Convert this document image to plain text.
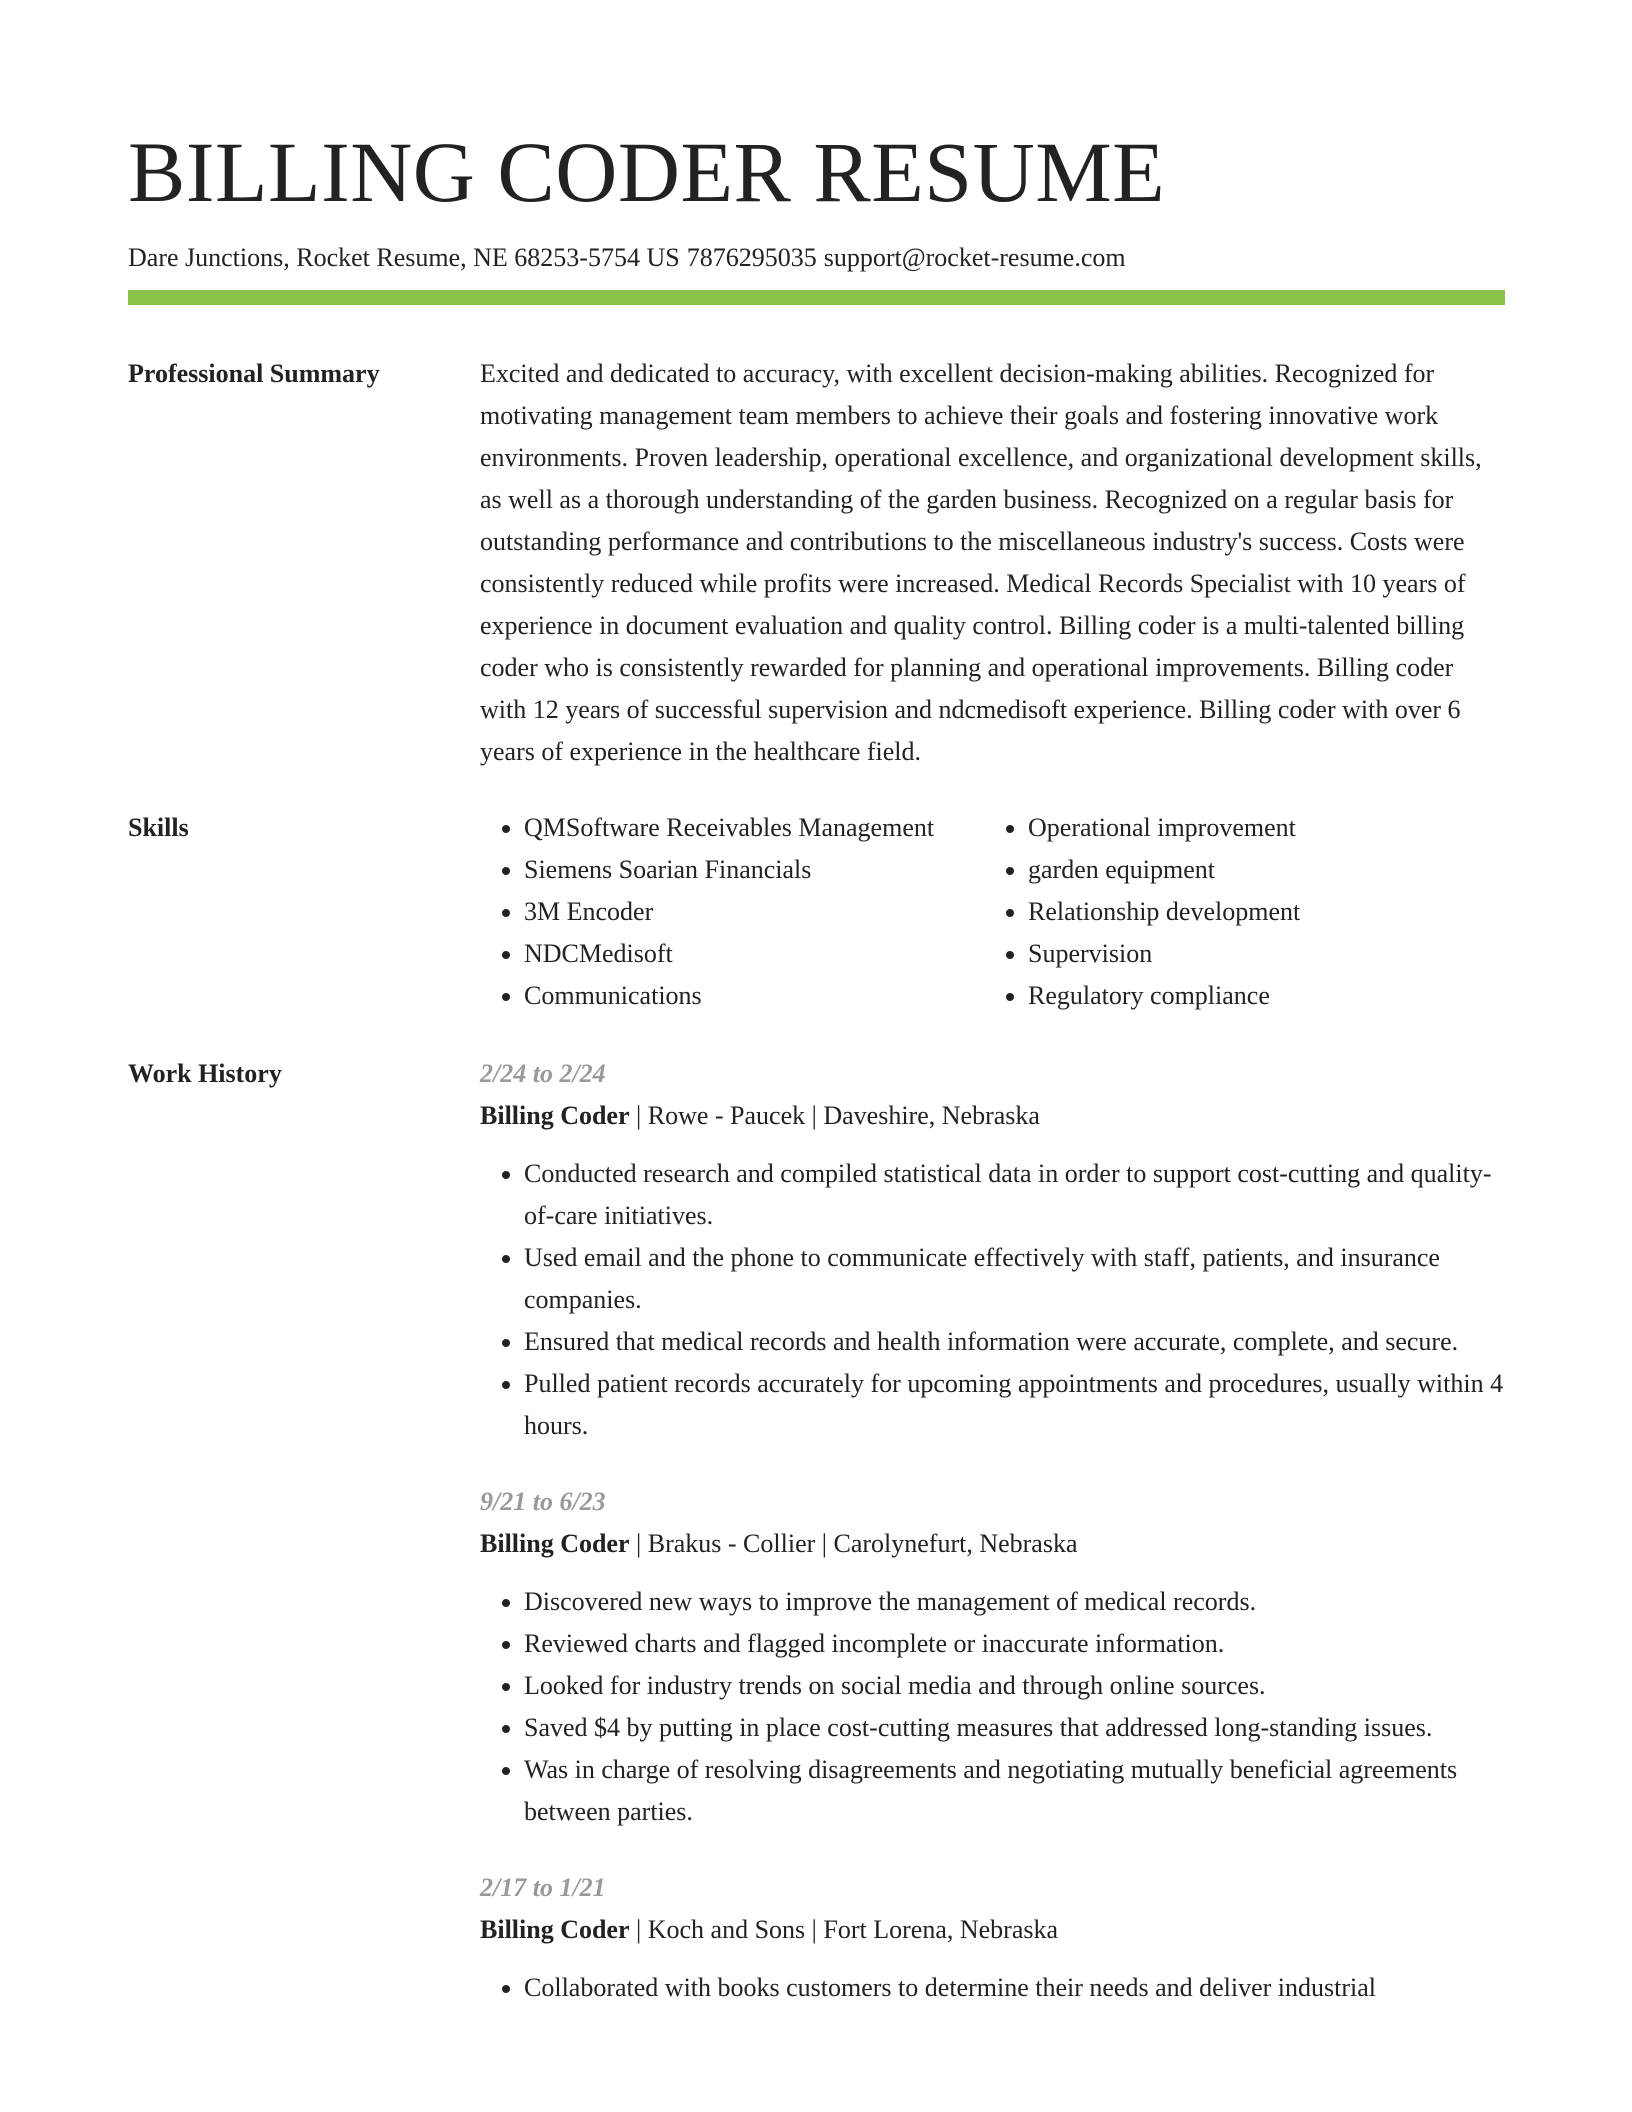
BILLING CODER RESUME
Dare Junctions, Rocket Resume, NE 68253-5754 US 7876295035 support@rocket-resume.com
Professional Summary	Excited and dedicated to accuracy, with excellent decision-making abilities. Recognized for motivating management team members to achieve their goals and fostering innovative work environments. Proven leadership, operational excellence, and organizational development skills, as well as a thorough understanding of the garden business. Recognized on a regular basis for outstanding performance and contributions to the miscellaneous industry's success. Costs were consistently reduced while profits were increased. Medical Records Specialist with 10 years of experience in document evaluation and quality control. Billing coder is a multi-talented billing coder who is consistently rewarded for planning and operational improvements. Billing coder with 12 years of successful supervision and ndcmedisoft experience. Billing coder with over 6 years of experience in the healthcare field.

Skills
•	QMSoftware Receivables Management
• Siemens Soarian Financials
• 3M Encoder
• NDCMedisoft
• Communications
• Operational improvement
• garden equipment
• Relationship development
• Supervision
• Regulatory compliance
Work History	2/24 to 2/24
Billing Coder | Rowe - Paucek | Daveshire, Nebraska
• Conducted research and compiled statistical data in order to support cost-cutting and quality-of-care initiatives.
• Used email and the phone to communicate effectively with staff, patients, and insurance companies.
• Ensured that medical records and health information were accurate, complete, and secure.
• Pulled patient records accurately for upcoming appointments and procedures, usually within 4 hours.
9/21 to 6/23
Billing Coder | Brakus - Collier | Carolynefurt, Nebraska
• Discovered new ways to improve the management of medical records.
• Reviewed charts and flagged incomplete or inaccurate information.
• Looked for industry trends on social media and through online sources.
• Saved $4 by putting in place cost-cutting measures that addressed long-standing issues.
• Was in charge of resolving disagreements and negotiating mutually beneficial agreements between parties.
2/17 to 1/21
Billing Coder | Koch and Sons | Fort Lorena, Nebraska
• Collaborated with books customers to determine their needs and deliver industrial
